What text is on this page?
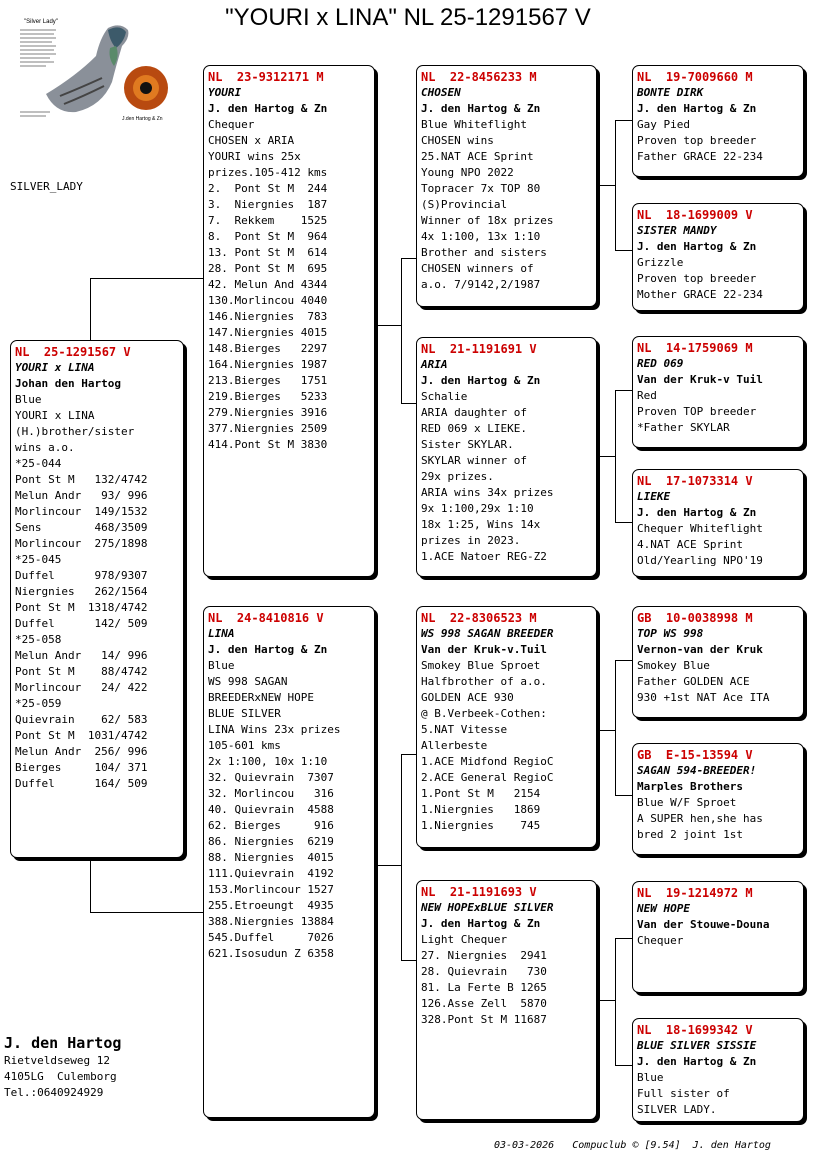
"YOURI x LINA" NL 25-1291567 V
"Silver Lady"
J.den Hartog & Zn
SILVER_LADY
NL  25-1291567 V
YOURI x LINA
Johan den Hartog
Blue
YOURI x LINA
(H.)brother/sister
wins a.o.
*25-044
Pont St M   132/4742
Melun Andr   93/ 996
Morlincour  149/1532
Sens        468/3509
Morlincour  275/1898
*25-045
Duffel      978/9307
Niergnies   262/1564
Pont St M  1318/4742
Duffel      142/ 509
*25-058
Melun Andr   14/ 996
Pont St M    88/4742
Morlincour   24/ 422
*25-059
Quievrain    62/ 583
Pont St M  1031/4742
Melun Andr  256/ 996
Bierges     104/ 371
Duffel      164/ 509
NL  23-9312171 M
YOURI
J. den Hartog & Zn
Chequer
CHOSEN x ARIA
YOURI wins 25x
prizes.105-412 kms
2.  Pont St M  244
3.  Niergnies  187
7.  Rekkem    1525
8.  Pont St M  964
13. Pont St M  614
28. Pont St M  695
42. Melun And 4344
130.Morlincou 4040
146.Niergnies  783
147.Niergnies 4015
148.Bierges   2297
164.Niergnies 1987
213.Bierges   1751
219.Bierges   5233
279.Niergnies 3916
377.Niergnies 2509
414.Pont St M 3830
NL  24-8410816 V
LINA
J. den Hartog & Zn
Blue
WS 998 SAGAN
BREEDERxNEW HOPE
BLUE SILVER
LINA Wins 23x prizes
105-601 kms
2x 1:100, 10x 1:10
32. Quievrain  7307
32. Morlincou   316
40. Quievrain  4588
62. Bierges     916
86. Niergnies  6219
88. Niergnies  4015
111.Quievrain  4192
153.Morlincour 1527
255.Etroeungt  4935
388.Niergnies 13884
545.Duffel     7026
621.Isosudun Z 6358
NL  22-8456233 M
CHOSEN
J. den Hartog & Zn
Blue Whiteflight
CHOSEN wins
25.NAT ACE Sprint
Young NPO 2022
Topracer 7x TOP 80
(S)Provincial
Winner of 18x prizes
4x 1:100, 13x 1:10
Brother and sisters
CHOSEN winners of
a.o. 7/9142,2/1987
NL  21-1191691 V
ARIA
J. den Hartog & Zn
Schalie
ARIA daughter of
RED 069 x LIEKE.
Sister SKYLAR.
SKYLAR winner of
29x prizes.
ARIA wins 34x prizes
9x 1:100,29x 1:10
18x 1:25, Wins 14x
prizes in 2023.
1.ACE Natoer REG-Z2
NL  22-8306523 M
WS 998 SAGAN BREEDER
Van der Kruk-v.Tuil
Smokey Blue Sproet
Halfbrother of a.o.
GOLDEN ACE 930
@ B.Verbeek-Cothen:
5.NAT Vitesse
Allerbeste
1.ACE Midfond RegioC
2.ACE General RegioC
1.Pont St M   2154
1.Niergnies   1869
1.Niergnies    745
NL  21-1191693 V
NEW HOPExBLUE SILVER
J. den Hartog & Zn
Light Chequer
27. Niergnies  2941
28. Quievrain   730
81. La Ferte B 1265
126.Asse Zell  5870
328.Pont St M 11687
NL  19-7009660 M
BONTE DIRK
J. den Hartog & Zn
Gay Pied
Proven top breeder
Father GRACE 22-234
NL  18-1699009 V
SISTER MANDY
J. den Hartog & Zn
Grizzle
Proven top breeder
Mother GRACE 22-234
NL  14-1759069 M
RED 069
Van der Kruk-v Tuil
Red
Proven TOP breeder
*Father SKYLAR
NL  17-1073314 V
LIEKE
J. den Hartog & Zn
Chequer Whiteflight
4.NAT ACE Sprint
Old/Yearling NPO'19
GB  10-0038998 M
TOP WS 998
Vernon-van der Kruk
Smokey Blue
Father GOLDEN ACE
930 +1st NAT Ace ITA
GB  E-15-13594 V
SAGAN 594-BREEDER!
Marples Brothers
Blue W/F Sproet
A SUPER hen,she has
bred 2 joint 1st
NL  19-1214972 M
NEW HOPE
Van der Stouwe-Douna
Chequer
NL  18-1699342 V
BLUE SILVER SISSIE
J. den Hartog & Zn
Blue
Full sister of
SILVER LADY.
J. den Hartog
Rietveldseweg 12
4105LG  Culemborg
Tel.:0640924929
03-03-2026   Compuclub © [9.54]  J. den Hartog
